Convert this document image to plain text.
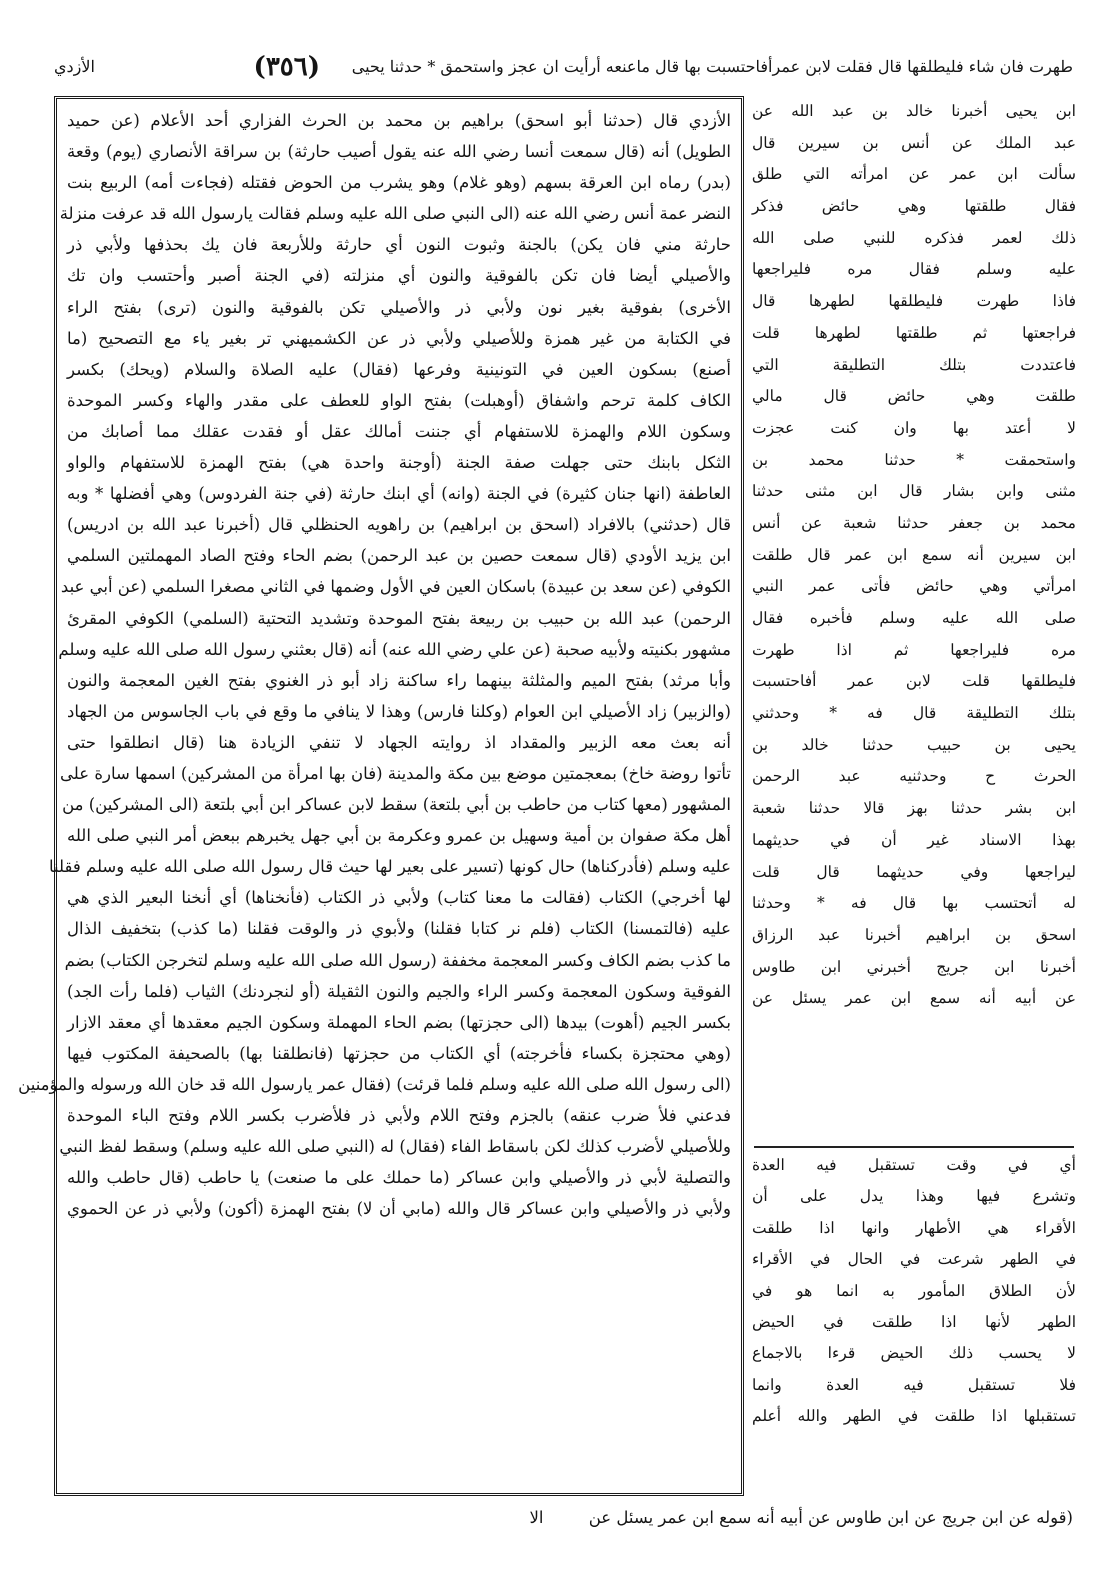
طهرت فان شاء فليطلقها قال فقلت لابن عمر
أفاحتسبت بها قال ماعنعه أرأيت ان عجز واستحمق * حدثنا يحيى
(٣٥٦)
الأزدي
الأزدي قال (حدثنا أبو اسحق) براهيم بن محمد بن الحرث الفزاري أحد الأعلام (عن حميد
الطويل) أنه (قال سمعت أنسا رضي الله عنه يقول أصيب حارثة) بن سراقة الأنصاري (يوم) وقعة
(بدر) رماه ابن العرقة بسهم (وهو غلام) وهو يشرب من الحوض فقتله (فجاءت أمه) الربيع بنت
النضر عمة أنس رضي الله عنه (الى النبي صلى الله عليه وسلم فقالت يارسول الله قد عرفت منزلة
حارثة مني فان يكن) بالجنة وثبوت النون أي حارثة وللأربعة فان يك بحذفها ولأبي ذر
والأصيلي أيضا فان تكن بالفوقية والنون أي منزلته (في الجنة أصبر وأحتسب وان تك
الأخرى) بفوقية بغير نون ولأبي ذر والأصيلي تكن بالفوقية والنون (ترى) بفتح الراء
في الكتابة من غير همزة وللأصيلي ولأبي ذر عن الكشميهني تر بغير ياء مع التصحيح (ما
أصنع) بسكون العين في التونينية وفرعها (فقال) عليه الصلاة والسلام (ويحك) بكسر
الكاف كلمة ترحم واشفاق (أوهبلت) بفتح الواو للعطف على مقدر والهاء وكسر الموحدة
وسكون اللام والهمزة للاستفهام أي جننت أمالك عقل أو فقدت عقلك مما أصابك من
الثكل بابنك حتى جهلت صفة الجنة (أوجنة واحدة هي) بفتح الهمزة للاستفهام والواو
العاطفة (انها جنان كثيرة) في الجنة (وانه) أي ابنك حارثة (في جنة الفردوس) وهي أفضلها * وبه
قال (حدثني) بالافراد (اسحق بن ابراهيم) بن راهويه الحنظلي قال (أخبرنا عبد الله بن ادريس)
ابن يزيد الأودي (قال سمعت حصين بن عبد الرحمن) بضم الحاء وفتح الصاد المهملتين السلمي
الكوفي (عن سعد بن عبيدة) باسكان العين في الأول وضمها في الثاني مصغرا السلمي (عن أبي عبد
الرحمن) عبد الله بن حبيب بن ربيعة بفتح الموحدة وتشديد التحتية (السلمي) الكوفي المقرئ
مشهور بكنيته ولأبيه صحبة (عن علي رضي الله عنه) أنه (قال بعثني رسول الله صلى الله عليه وسلم
وأبا مرثد) بفتح الميم والمثلثة بينهما راء ساكنة زاد أبو ذر الغنوي بفتح الغين المعجمة والنون
(والزبير) زاد الأصيلي ابن العوام (وكلنا فارس) وهذا لا ينافي ما وقع في باب الجاسوس من الجهاد
أنه بعث معه الزبير والمقداد اذ روايته الجهاد لا تنفي الزيادة هنا (قال انطلقوا حتى
تأتوا روضة خاخ) بمعجمتين موضع بين مكة والمدينة (فان بها امرأة من المشركين) اسمها سارة على
المشهور (معها كتاب من حاطب بن أبي بلتعة) سقط لابن عساكر ابن أبي بلتعة (الى المشركين) من
أهل مكة صفوان بن أمية وسهيل بن عمرو وعكرمة بن أبي جهل يخبرهم ببعض أمر النبي صلى الله
عليه وسلم (فأدركناها) حال كونها (تسير على بعير لها حيث قال رسول الله صلى الله عليه وسلم فقلنا
لها أخرجي) الكتاب (فقالت ما معنا كتاب) ولأبي ذر الكتاب (فأنخناها) أي أنخنا البعير الذي هي
عليه (فالتمسنا) الكتاب (فلم نر كتابا فقلنا) ولأبوي ذر والوقت فقلنا (ما كذب) بتخفيف الذال
ما كذب بضم الكاف وكسر المعجمة مخففة (رسول الله صلى الله عليه وسلم لتخرجن الكتاب) بضم
الفوقية وسكون المعجمة وكسر الراء والجيم والنون الثقيلة (أو لنجردنك) الثياب (فلما رأت الجد)
بكسر الجيم (أهوت) بيدها (الى حجزتها) بضم الحاء المهملة وسكون الجيم معقدها أي معقد الازار
(وهي محتجزة بكساء فأخرجته) أي الكتاب من حجزتها (فانطلقنا بها) بالصحيفة المكتوب فيها
(الى رسول الله صلى الله عليه وسلم فلما قرئت) (فقال عمر يارسول الله قد خان الله ورسوله والمؤمنين
فدعني فلأ ضرب عنقه) بالجزم وفتح اللام ولأبي ذر فلأضرب بكسر اللام وفتح الباء الموحدة
وللأصيلي لأضرب كذلك لكن باسقاط الفاء (فقال) له (النبي صلى الله عليه وسلم) وسقط لفظ النبي
والتصلية لأبي ذر والأصيلي وابن عساكر (ما حملك على ما صنعت) يا حاطب (قال حاطب والله
ولأبي ذر والأصيلي وابن عساكر قال والله (مابي أن لا) بفتح الهمزة (أكون) ولأبي ذر عن الحموي
ابن يحيى أخبرنا خالد بن عبد الله عن
عبد الملك عن أنس بن سيرين قال
سألت ابن عمر عن امرأته التي طلق
فقال طلقتها وهي حائض فذكر
ذلك لعمر فذكره للنبي صلى الله
عليه وسلم فقال مره فليراجعها
فاذا طهرت فليطلقها لطهرها قال
فراجعتها ثم طلقتها لطهرها قلت
فاعتددت بتلك التطليقة التي
طلقت وهي حائض قال مالي
لا أعتد بها وان كنت عجزت
واستحمقت * حدثنا محمد بن
مثنى وابن بشار قال ابن مثنى حدثنا
محمد بن جعفر حدثنا شعبة عن أنس
ابن سيرين أنه سمع ابن عمر قال طلقت
امرأتي وهي حائض فأتى عمر النبي
صلى الله عليه وسلم فأخبره فقال
مره فليراجعها ثم اذا طهرت
فليطلقها قلت لابن عمر أفاحتسبت
بتلك التطليقة قال فه * وحدثني
يحيى بن حبيب حدثنا خالد بن
الحرث ح وحدثنيه عبد الرحمن
ابن بشر حدثنا بهز قالا حدثنا شعبة
بهذا الاسناد غير أن في حديثهما
ليراجعها وفي حديثهما قال قلت
له أتحتسب بها قال فه * وحدثنا
اسحق بن ابراهيم أخبرنا عبد الرزاق
أخبرنا ابن جريج أخبرني ابن طاوس
عن أبيه أنه سمع ابن عمر يسئل عن
أي في وقت تستقبل فيه العدة
وتشرع فيها وهذا يدل على أن
الأقراء هي الأطهار وانها اذا طلقت
في الطهر شرعت في الحال في الأقراء
لأن الطلاق المأمور به انما هو في
الطهر لأنها اذا طلقت في الحيض
لا يحسب ذلك الحيض قرءا بالاجماع
فلا تستقبل فيه العدة وانما
تستقبلها اذا طلقت في الطهر والله أعلم
(قوله عن ابن جريج عن ابن طاوس عن أبيه أنه سمع ابن عمر يسئل عن الا
